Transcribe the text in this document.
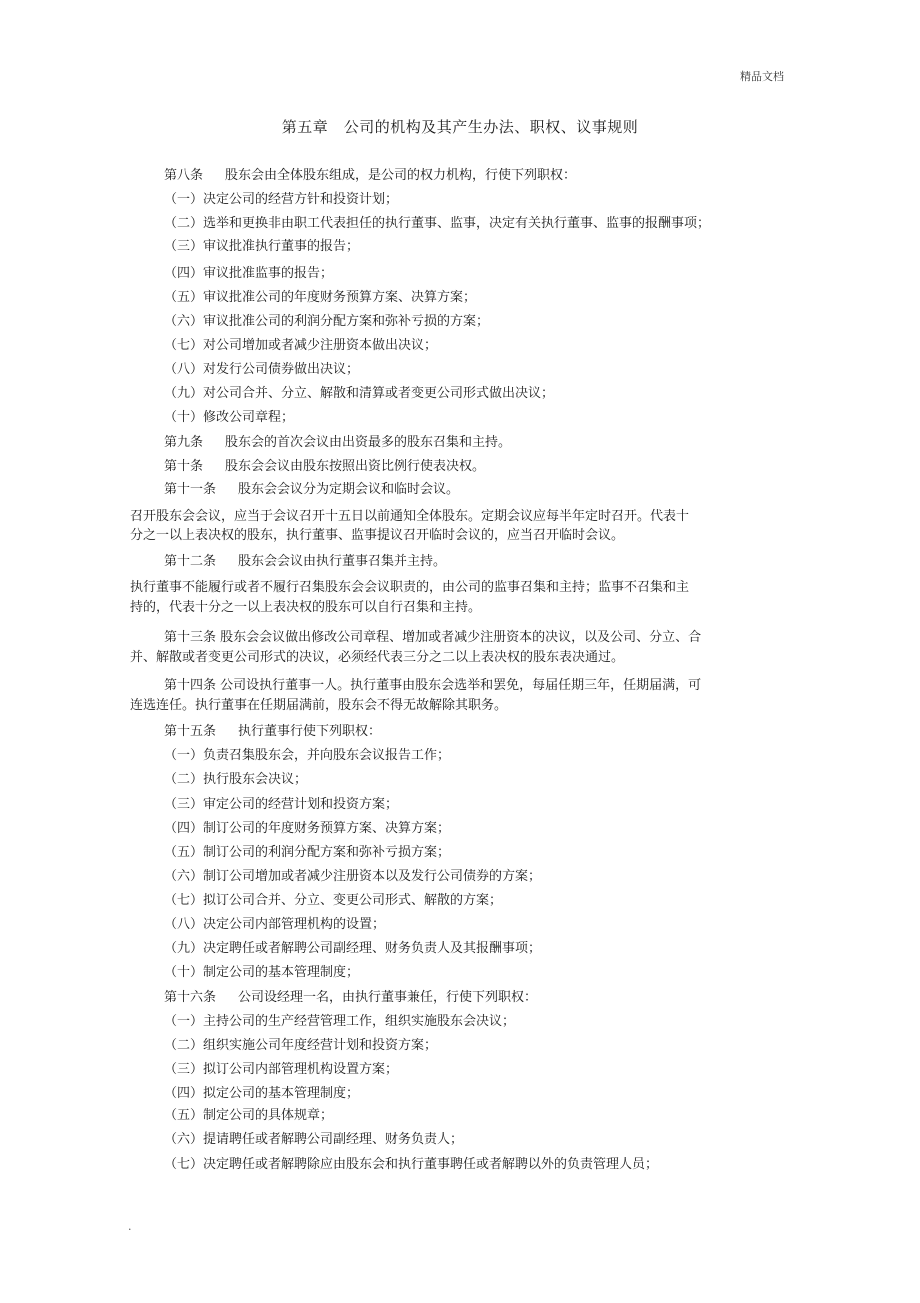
精品文档
第五章　公司的机构及其产生办法、职权、议事规则
第八条 股东会由全体股东组成，是公司的权力机构，行使下列职权：
（一）决定公司的经营方针和投资计划；
（二）选举和更换非由职工代表担任的执行董事、监事，决定有关执行董事、监事的报酬事项；
（三）审议批准执行董事的报告；
（四）审议批准监事的报告；
（五）审议批准公司的年度财务预算方案、决算方案；
（六）审议批准公司的利润分配方案和弥补亏损的方案；
（七）对公司增加或者减少注册资本做出决议；
（八）对发行公司债券做出决议；
（九）对公司合并、分立、解散和清算或者变更公司形式做出决议；
（十）修改公司章程；
第九条 股东会的首次会议由出资最多的股东召集和主持。
第十条 股东会会议由股东按照出资比例行使表决权。
第十一条 股东会会议分为定期会议和临时会议。
召开股东会会议，应当于会议召开十五日以前通知全体股东。定期会议应每半年定时召开。代表十
分之一以上表决权的股东，执行董事、监事提议召开临时会议的，应当召开临时会议。
第十二条 股东会会议由执行董事召集并主持。
执行董事不能履行或者不履行召集股东会会议职责的，由公司的监事召集和主持；监事不召集和主
持的，代表十分之一以上表决权的股东可以自行召集和主持。
第十三条 股东会会议做出修改公司章程、增加或者减少注册资本的决议，以及公司、分立、合
并、解散或者变更公司形式的决议，必须经代表三分之二以上表决权的股东表决通过。
第十四条 公司设执行董事一人。执行董事由股东会选举和罢免，每届任期三年，任期届满，可
连选连任。执行董事在任期届满前，股东会不得无故解除其职务。
第十五条 执行董事行使下列职权：
（一）负责召集股东会，并向股东会议报告工作；
（二）执行股东会决议；
（三）审定公司的经营计划和投资方案；
（四）制订公司的年度财务预算方案、决算方案；
（五）制订公司的利润分配方案和弥补亏损方案；
（六）制订公司增加或者减少注册资本以及发行公司债券的方案；
（七）拟订公司合并、分立、变更公司形式、解散的方案；
（八）决定公司内部管理机构的设置；
（九）决定聘任或者解聘公司副经理、财务负责人及其报酬事项；
（十）制定公司的基本管理制度；
第十六条 公司设经理一名，由执行董事兼任，行使下列职权：
（一）主持公司的生产经营管理工作，组织实施股东会决议；
（二）组织实施公司年度经营计划和投资方案；
（三）拟订公司内部管理机构设置方案；
（四）拟定公司的基本管理制度；
（五）制定公司的具体规章；
（六）提请聘任或者解聘公司副经理、财务负责人；
（七）决定聘任或者解聘除应由股东会和执行董事聘任或者解聘以外的负责管理人员；
.
